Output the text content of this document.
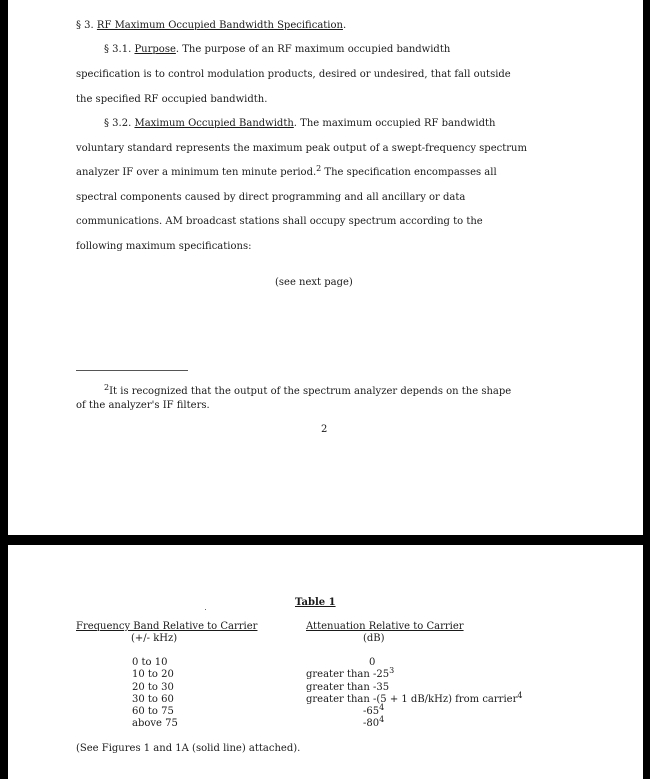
§ 3. RF Maximum Occupied Bandwidth Specification.
§ 3.1. Purpose. The purpose of an RF maximum occupied bandwidth
specification is to control modulation products, desired or undesired, that fall outside
the specified RF occupied bandwidth.
§ 3.2. Maximum Occupied Bandwidth. The maximum occupied RF bandwidth
voluntary standard represents the maximum peak output of a swept-frequency spectrum
analyzer IF over a minimum ten minute period.$^2$ The specification encompasses all
spectral components caused by direct programming and all ancillary or data
communications. AM broadcast stations shall occupy spectrum according to the
following maximum specifications:
(see next page)
$^2$It is recognized that the output of the spectrum analyzer depends on the shape
of the analyzer's IF filters.
2
Table 1
Frequency Band Relative to Carrier
(+/- kHz)
Attenuation Relative to Carrier
(dB)
0 to 10
10 to 20
20 to 30
30 to 60
60 to 75
above 75
0
greater than $-25^3$
greater than -35
greater than -(5 + 1 dB/kHz) from carrier$^4$
$-65^4$
$-80^4$
(See Figures 1 and 1A (solid line) attached).
